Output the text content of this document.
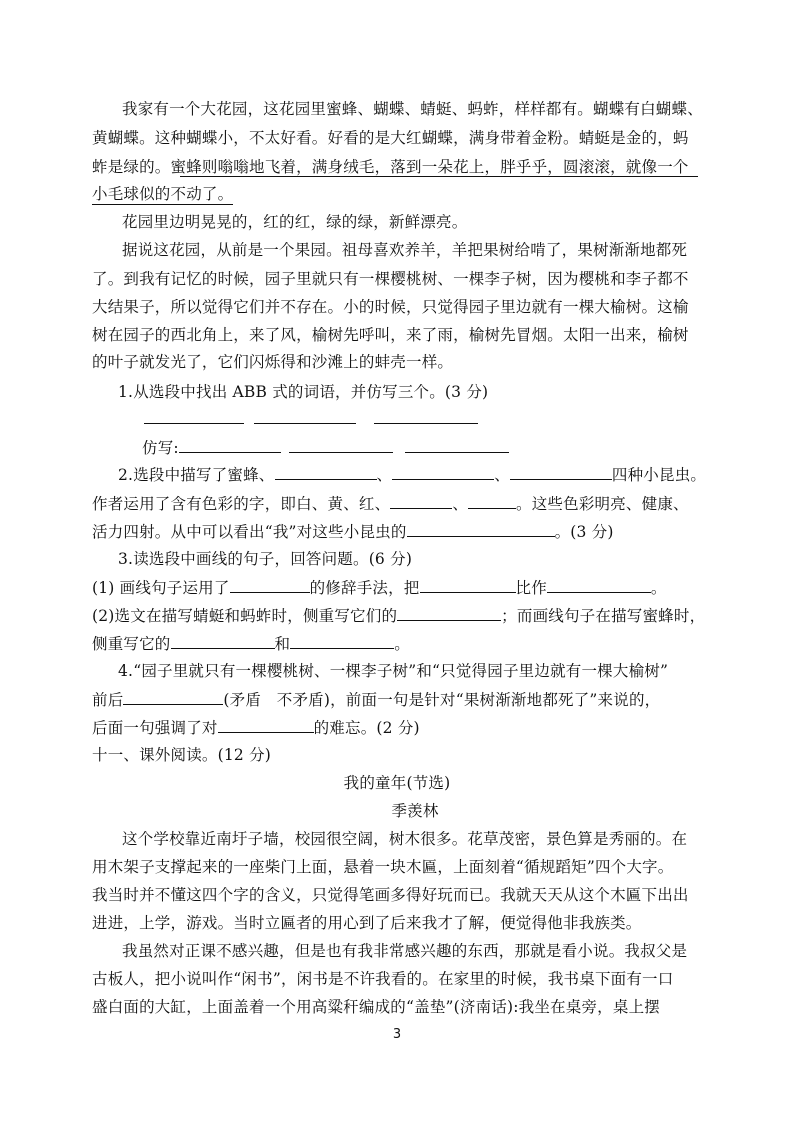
我家有一个大花园，这花园里蜜蜂、蝴蝶、蜻蜓、蚂蚱，样样都有。蝴蝶有白蝴蝶、
黄蝴蝶。这种蝴蝶小，不太好看。好看的是大红蝴蝶，满身带着金粉。蜻蜓是金的，蚂
蚱是绿的。蜜蜂则嗡嗡地飞着，满身绒毛，落到一朵花上，胖乎乎，圆滚滚，就像一个
小毛球似的不动了。
花园里边明晃晃的，红的红，绿的绿，新鲜漂亮。
据说这花园，从前是一个果园。祖母喜欢养羊，羊把果树给啃了，果树渐渐地都死
了。到我有记忆的时候，园子里就只有一棵樱桃树、一棵李子树，因为樱桃和李子都不
大结果子，所以觉得它们并不存在。小的时候，只觉得园子里边就有一棵大榆树。这榆
树在园子的西北角上，来了风，榆树先呼叫，来了雨，榆树先冒烟。太阳一出来，榆树
的叶子就发光了，它们闪烁得和沙滩上的蚌壳一样。
1.从选段中找出 ABB 式的词语，并仿写三个。(3 分)
仿写:
2.选段中描写了蜜蜂、	、	、	四种小昆虫。
作者运用了含有色彩的字，即白、黄、红、	、	。这些色彩明亮、健康、
活力四射。从中可以看出“我”对这些小昆虫的	。(3 分)
3.读选段中画线的句子，回答问题。(6 分)
(1) 画线句子运用了	的修辞手法，把	比作	。
(2)选文在描写蜻蜓和蚂蚱时，侧重写它们的	；而画线句子在描写蜜蜂时，
侧重写它的	和	。
4.“园子里就只有一棵樱桃树、一棵李子树”和“只觉得园子里边就有一棵大榆树”
前后	(矛盾　不矛盾)，前面一句是针对“果树渐渐地都死了”来说的，
后面一句强调了对	的难忘。(2 分)
十一、课外阅读。(12 分)
我的童年(节选)
季羡林
这个学校靠近南圩子墙，校园很空阔，树木很多。花草茂密，景色算是秀丽的。在
用木架子支撑起来的一座柴门上面，悬着一块木匾，上面刻着“循规蹈矩”四个大字。
我当时并不懂这四个字的含义，只觉得笔画多得好玩而已。我就天天从这个木匾下出出
进进，上学，游戏。当时立匾者的用心到了后来我才了解，便觉得他非我族类。
我虽然对正课不感兴趣，但是也有我非常感兴趣的东西，那就是看小说。我叔父是
古板人，把小说叫作“闲书”，闲书是不许我看的。在家里的时候，我书桌下面有一口
盛白面的大缸，上面盖着一个用高粱秆编成的“盖垫”(济南话):我坐在桌旁，桌上摆
3
